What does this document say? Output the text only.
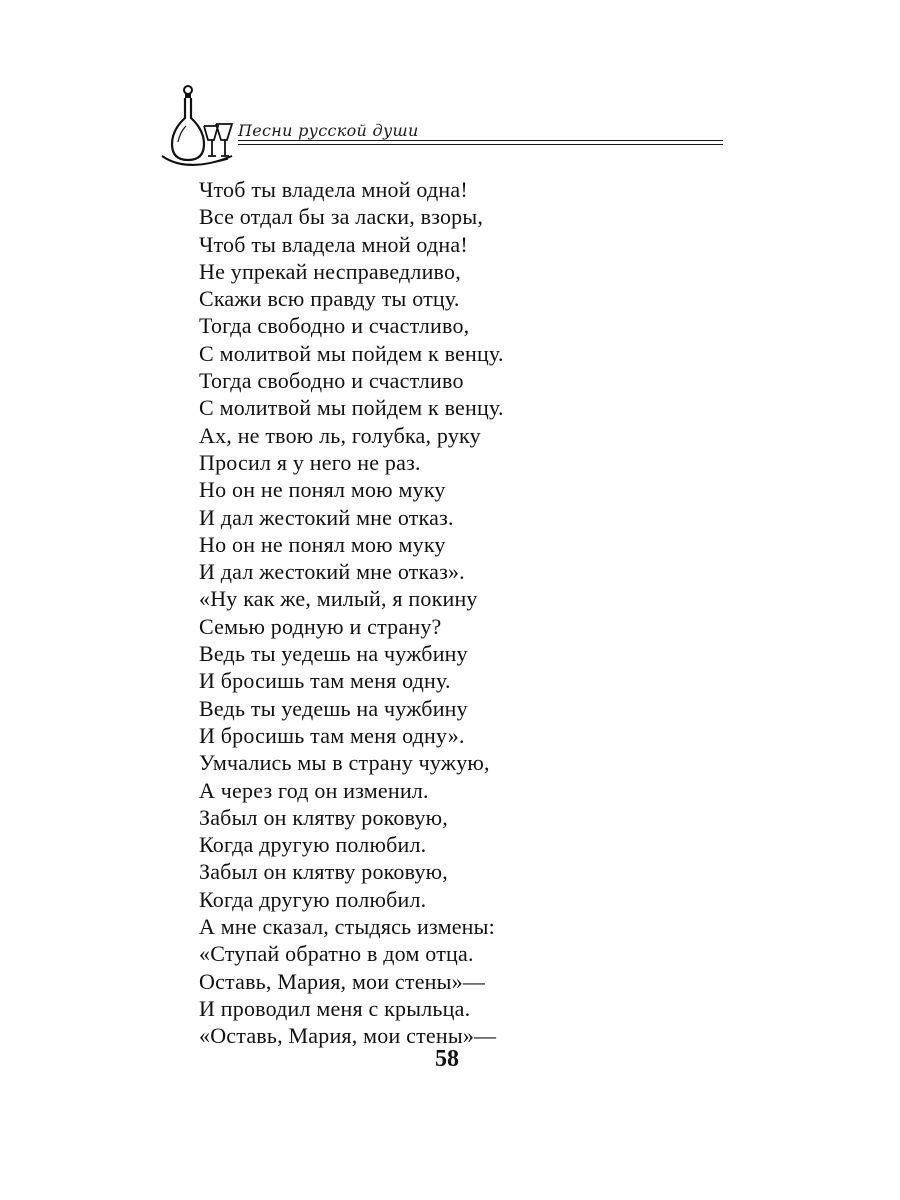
Песни русской души
Чтоб ты владела мной одна!
Все отдал бы за ласки, взоры,
Чтоб ты владела мной одна!
Не упрекай несправедливо,
Скажи всю правду ты отцу.
Тогда свободно и счастливо,
С молитвой мы пойдем к венцу.
Тогда свободно и счастливо
С молитвой мы пойдем к венцу.
Ах, не твою ль, голубка, руку
Просил я у него не раз.
Но он не понял мою муку
И дал жестокий мне отказ.
Но он не понял мою муку
И дал жестокий мне отказ».
«Ну как же, милый, я покину
Семью родную и страну?
Ведь ты уедешь на чужбину
И бросишь там меня одну.
Ведь ты уедешь на чужбину
И бросишь там меня одну».
Умчались мы в страну чужую,
А через год он изменил.
Забыл он клятву роковую,
Когда другую полюбил.
Забыл он клятву роковую,
Когда другую полюбил.
А мне сказал, стыдясь измены:
«Ступай обратно в дом отца.
Оставь, Мария, мои стены»—
И проводил меня с крыльца.
«Оставь, Мария, мои стены»—
58
